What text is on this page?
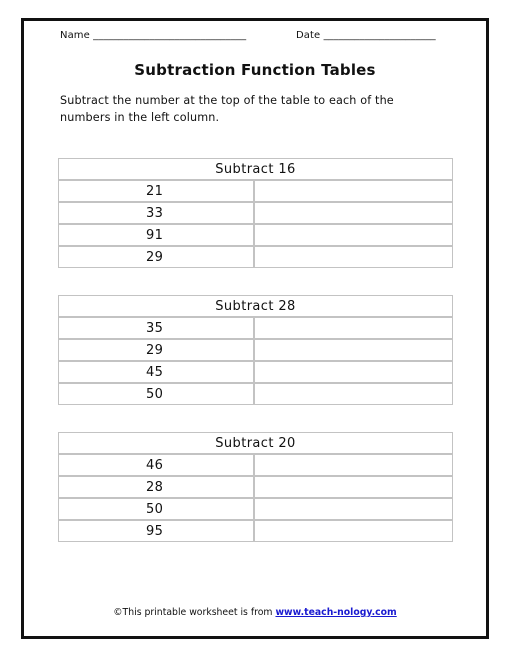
Name ______________________________	Date ______________________
Subtraction Function Tables
Subtract the number at the top of the table to each of the numbers in the left column.
Subtract 16	
21	
33	
91	
29	
Subtract 28	
35	
29	
45	
50	
Subtract 20	
46	
28	
50	
95	
©This printable worksheet is from www.teach-nology.com
